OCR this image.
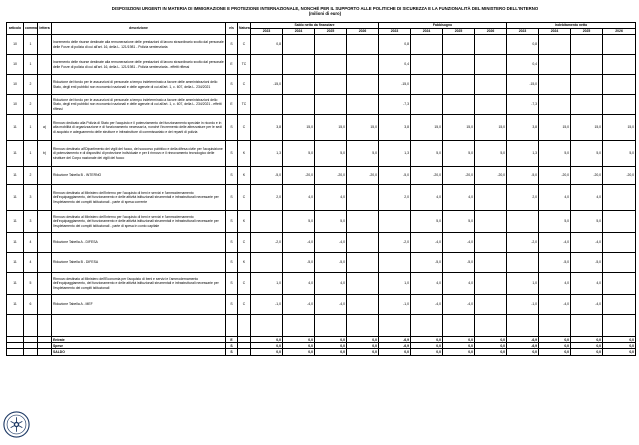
DISPOSIZIONI URGENTI IN MATERIA DI IMMIGRAZIONE E PROTEZIONE INTERNAZIONALE, NONCHÉ PER IL SUPPORTO ALLE POLITICHE DI SICUREZZA E LA FUNZIONALITÀ DEL MINISTERO DELL'INTERNO
(milioni di euro)
articolo	comma	lettera	descrizione	e/s	Natura	Saldo netto da finanziare				Fabbisogno				Indebitamento netto			
						2023	2024	2025	2026	2023	2024	2025	2026	2023	2024	2025	2026
10	1		Incremento delle risorse destinate alla remunerazione delle prestazioni di lavoro straordinario svolto dal personale delle Forze di polizia di cui all'art. 16, della L. 121/1981 - Polizia sentenziaria	S	C	0,8				0,8				0,8			
10	1		Incremento delle risorse destinate alla remunerazione delle prestazioni di lavoro straordinario svolto dal personale delle Forze di polizia di cui all'art. 16, della L. 121/1981 - Polizia sentenziaria - effetti riflessi	E	TC					0,4				0,4			
10	2		Riduzione del fondo per le assunzioni di personale a tempo indeterminato a favore delle amministrazioni dello Stato, degli enti pubblici non economici nazionali e delle agenzie di cui all'art. 1, c. 607, della L. 234/2021	S	C	-15,0				-15,0				-15,0			
10	2		Riduzione del fondo per le assunzioni di personale a tempo indeterminato a favore delle amministrazioni dello Stato, degli enti pubblici non economici nazionali e delle agenzie di cui all'art. 1, c. 607, della L. 234/2021 - effetti riflessi	E	TC					-7,3				-7,3			
11	1	a)	Rinnovo dedicato alla Polizia di Stato per l'acquisto e il potenziamento del funzionamento speciale in ricordo e in alta mobilità di organizzazione e di funzionamento necessari a, nonché l'incremento delle attrezzature per le sedi di acquisto e adeguamento delle strutture e infrastrutture di commissariato e dei reparti di polizia	S	C	3,8	15,0	15,0	15,0	3,8	15,0	15,0	15,0	3,8	15,0	15,0	15,0
11	1	b)	Rinnovo destinato all'Dipartimento dei vigili del fuoco, del soccorso pubblico e della difesa civile per l'acquisizione di potenziamento e di dispositivi di protezione individuale e per il rinnovo e il rinnovamento tecnologico delle strutture del Corpo nazionale dei vigili del fuoco	S	K	1,3	5,0	5,0	5,0	1,3	5,0	5,0	5,0	1,3	5,0	5,0	5,0
11	2		Riduzione Tabella B - INTERNO	S	K	-5,0	-20,0	-20,0	-20,0	-5,0	-20,0	-20,0	-20,0	-5,0	-20,0	-20,0	-20,0
11	3		Rinnovo destinato al Ministero dell'Interno per l'acquisto di beni e servizi e l'ammodernamento dell'equipaggiamento, del funzionamento e delle attività istituzionali strumentali e infrastrutturali necessarie per l'espletamento dei compiti istituzionali - parte di spesa corrente	S	C	2,0	4,0	4,0		2,0	4,0	4,0		2,0	4,0	4,0	
11	3		Rinnovo destinato al Ministero dell'Interno per l'acquisto di beni e servizi e l'ammodernamento dell'equipaggiamento, del funzionamento e delle attività istituzionali strumentali e infrastrutturali necessarie per l'espletamento dei compiti istituzionali - parte di spesa in conto capitale	S	K		5,0	5,0			5,0	5,0			5,0	5,0	
11	4		Riduzione Tabella A - DIFESA	S	C	-2,0	-4,0	-4,0		-2,0	-4,0	-4,0		-2,0	-4,0	-4,0	
11	4		Riduzione Tabella B - DIFESA	S	K		-5,0	-5,0			-5,0	-5,0			-5,0	-5,0	
11	5		Rinnovo destinato al Ministero dell'Economia per l'acquisto di beni e servizi e l'ammodernamento dell'equipaggiamento, del funzionamento e delle attività istituzionali strumentali e infrastrutturali necessarie per l'espletamento dei compiti istituzionali	S	C	1,0	4,0	4,0		1,0	4,0	4,0		1,0	4,0	4,0	
11	6		Riduzione Tabella A - MEF	S	C	-1,0	-4,0	-4,0		-1,0	-4,0	-4,0		-1,0	-4,0	-4,0	

			Entrate	E		0,0	0,0	0,0	0,0	-6,9	0,0	0,0	0,0	-6,9	0,0	0,0	0,0
			Spese	S		0,0	0,0	0,0	0,0	-6,9	0,0	0,0	0,0	-6,9	0,0	0,0	0,0
			SALDO	S		0,0	0,0	0,0	0,0	0,0	0,0	0,0	0,0	0,0	0,0	0,0	0,0
